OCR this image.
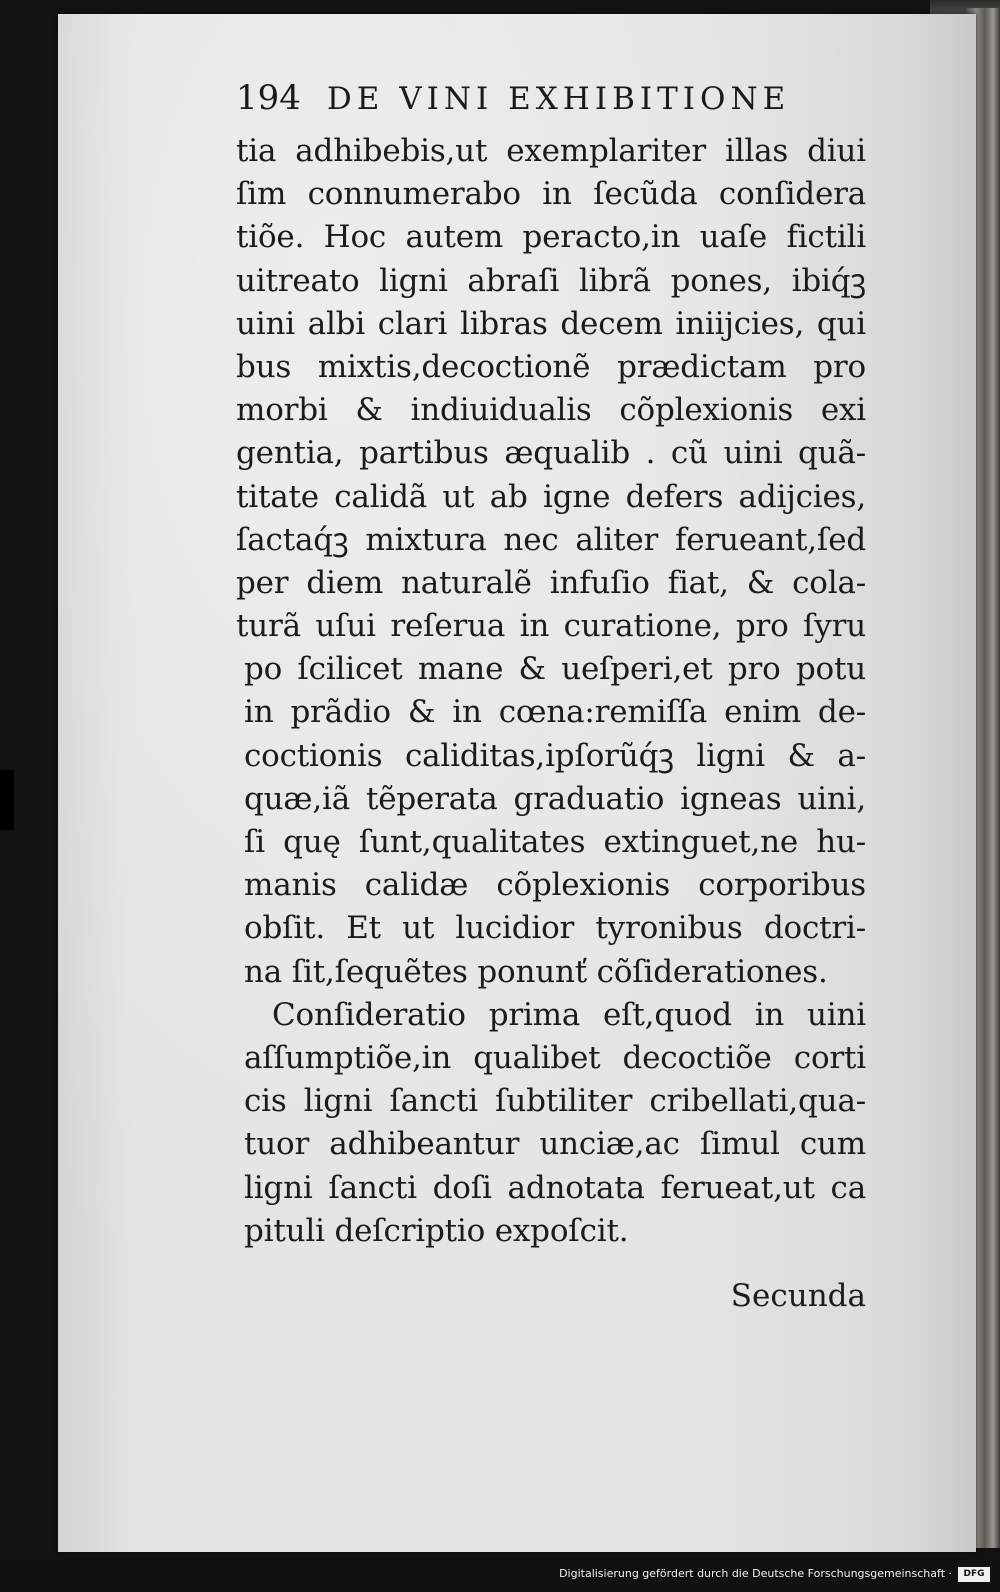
194 DE VINI EXHIBITIONE
tia adhibebis,ut exemplariter illas diui
ſim connumerabo in ſecũda conſidera
tiõe. Hoc autem peracto,in uaſe fictili
uitreato ligni abraſi librã pones, ibiq́ꝫ
uini albi clari libras decem iniijcies, qui
bus mixtis,decoctionẽ prædictam pro
morbi & indiuidualis cõplexionis exi
gentia, partibus æqualib . cũ uini quã-
titate calidã ut ab igne defers adijcies,
ſactaq́ꝫ mixtura nec aliter ferueant,ſed
per diem naturalẽ infuſio fiat, & cola-
turã uſui reſerua in curatione, pro ſyru
po ſcilicet mane & ueſperi,et pro potu
in prãdio & in cœna:remiſſa enim de-
coctionis caliditas,ipſorũq́ꝫ ligni & a-
quæ,iã tẽperata graduatio igneas uini,
ſi quę ſunt,qualitates extinguet,ne hu-
manis calidæ cõplexionis corporibus
obſit. Et ut lucidior tyronibus doctri-
na ſit,ſequẽtes ponunť cõſiderationes.
Conſideratio prima eſt,quod in uini
aſſumptiõe,in qualibet decoctiõe corti
cis ligni ſancti ſubtiliter cribellati,qua-
tuor adhibeantur unciæ,ac ſimul cum
ligni ſancti doſi adnotata ferueat,ut ca
pituli deſcriptio expoſcit.
Secunda
Digitalisierung gefördert durch die Deutsche Forschungsgemeinschaft ·	DFG
